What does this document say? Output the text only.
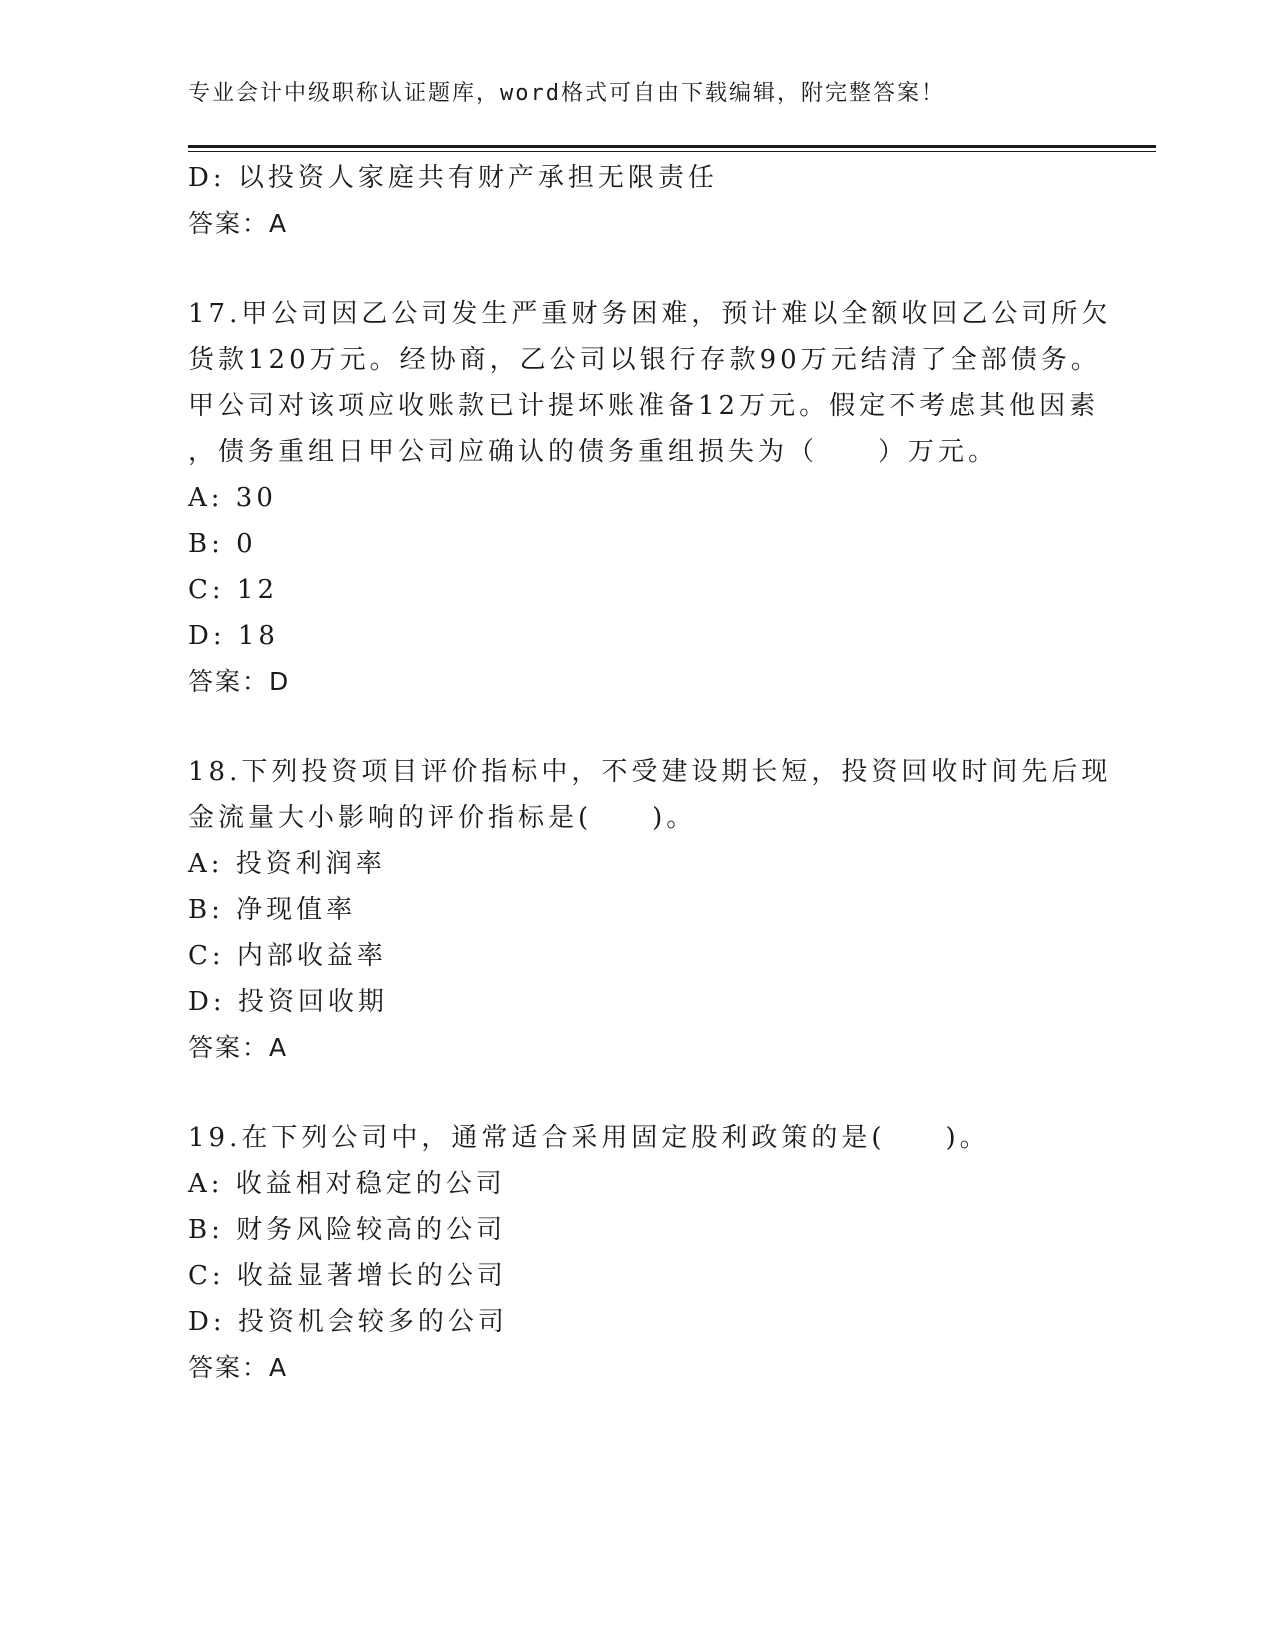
专业会计中级职称认证题库，word格式可自由下载编辑，附完整答案！
D: 以投资人家庭共有财产承担无限责任
答案：A
17.甲公司因乙公司发生严重财务困难，预计难以全额收回乙公司所欠
货款120万元。经协商，乙公司以银行存款90万元结清了全部债务。
甲公司对该项应收账款已计提坏账准备12万元。假定不考虑其他因素
，债务重组日甲公司应确认的债务重组损失为（　　）万元。
A: 30
B: 0
C: 12
D: 18
答案：D
18.下列投资项目评价指标中，不受建设期长短，投资回收时间先后现
金流量大小影响的评价指标是(　　)。
A: 投资利润率
B: 净现值率
C: 内部收益率
D: 投资回收期
答案：A
19.在下列公司中，通常适合采用固定股利政策的是(　　)。
A: 收益相对稳定的公司
B: 财务风险较高的公司
C: 收益显著增长的公司
D: 投资机会较多的公司
答案：A
